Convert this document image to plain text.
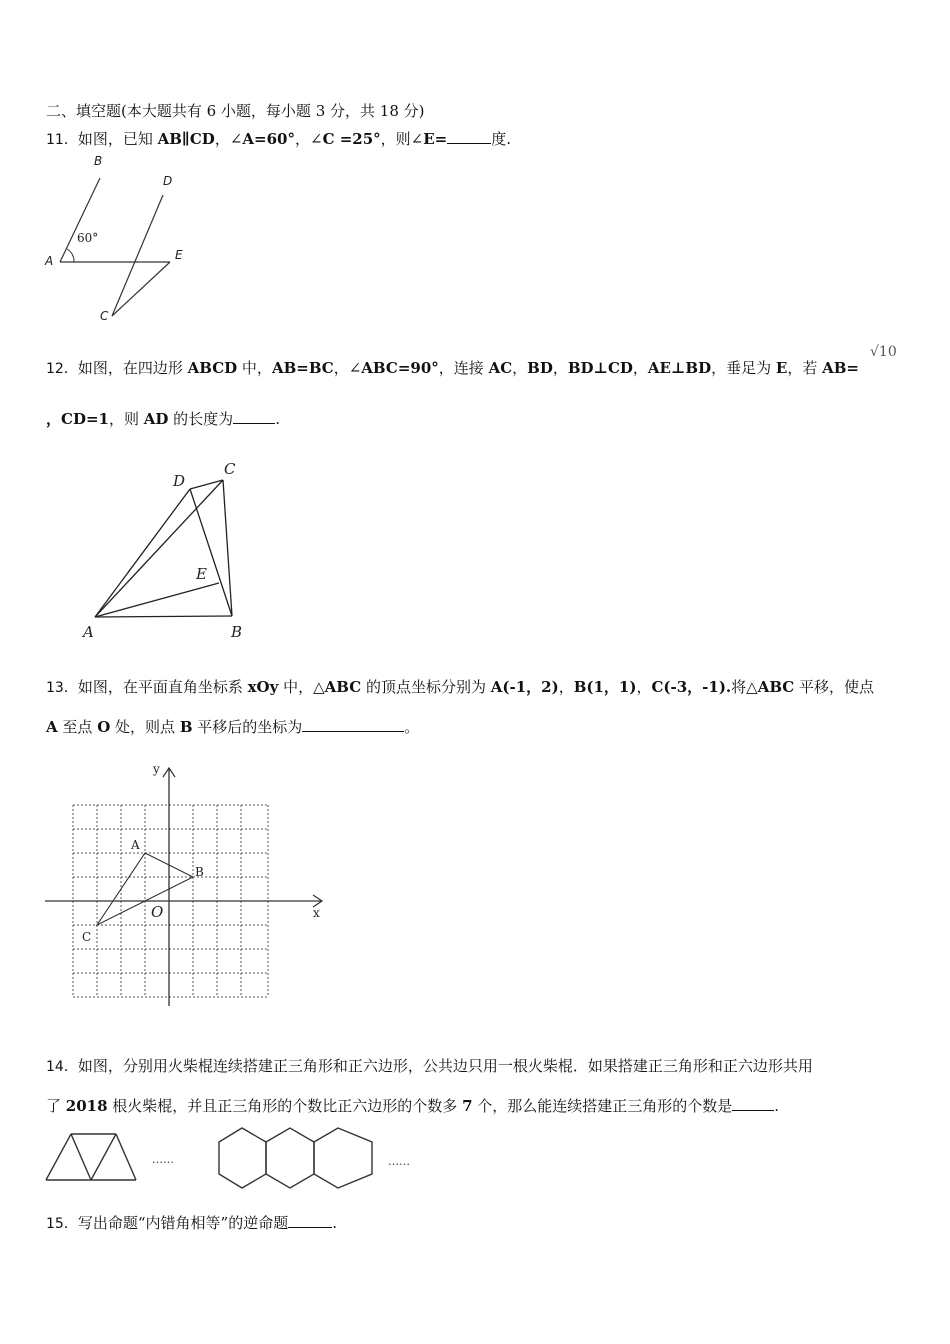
二、填空题(本大题共有 6 小题，每小题 3 分，共 18 分)
11．如图，已知 AB∥CD，∠A=60°，∠C =25°，则∠E=	度.
B
D
A	E
C
60°
12．如图，在四边形 ABCD 中，AB=BC，∠ABC=90°，连接 AC，BD，BD⊥CD，AE⊥BD，垂足为 E，若 AB=
√10
，CD=1，则 AD 的长度为	.
A	B
C
D
E
13．如图，在平面直角坐标系 xOy 中，△ABC 的顶点坐标分别为 A(-1，2)，B(1，1)，C(-3，-1).将△ABC 平移，使点
A 至点 O 处，则点 B 平移后的坐标为	。
y
x
O
A
B
C
14．如图，分别用火柴棍连续搭建正三角形和正六边形，公共边只用一根火柴棍．如果搭建正三角形和正六边形共用
了 2018 根火柴棍，并且正三角形的个数比正六边形的个数多 7 个，那么能连续搭建正三角形的个数是	.
……	……
15．写出命题“内错角相等”的逆命题	.
